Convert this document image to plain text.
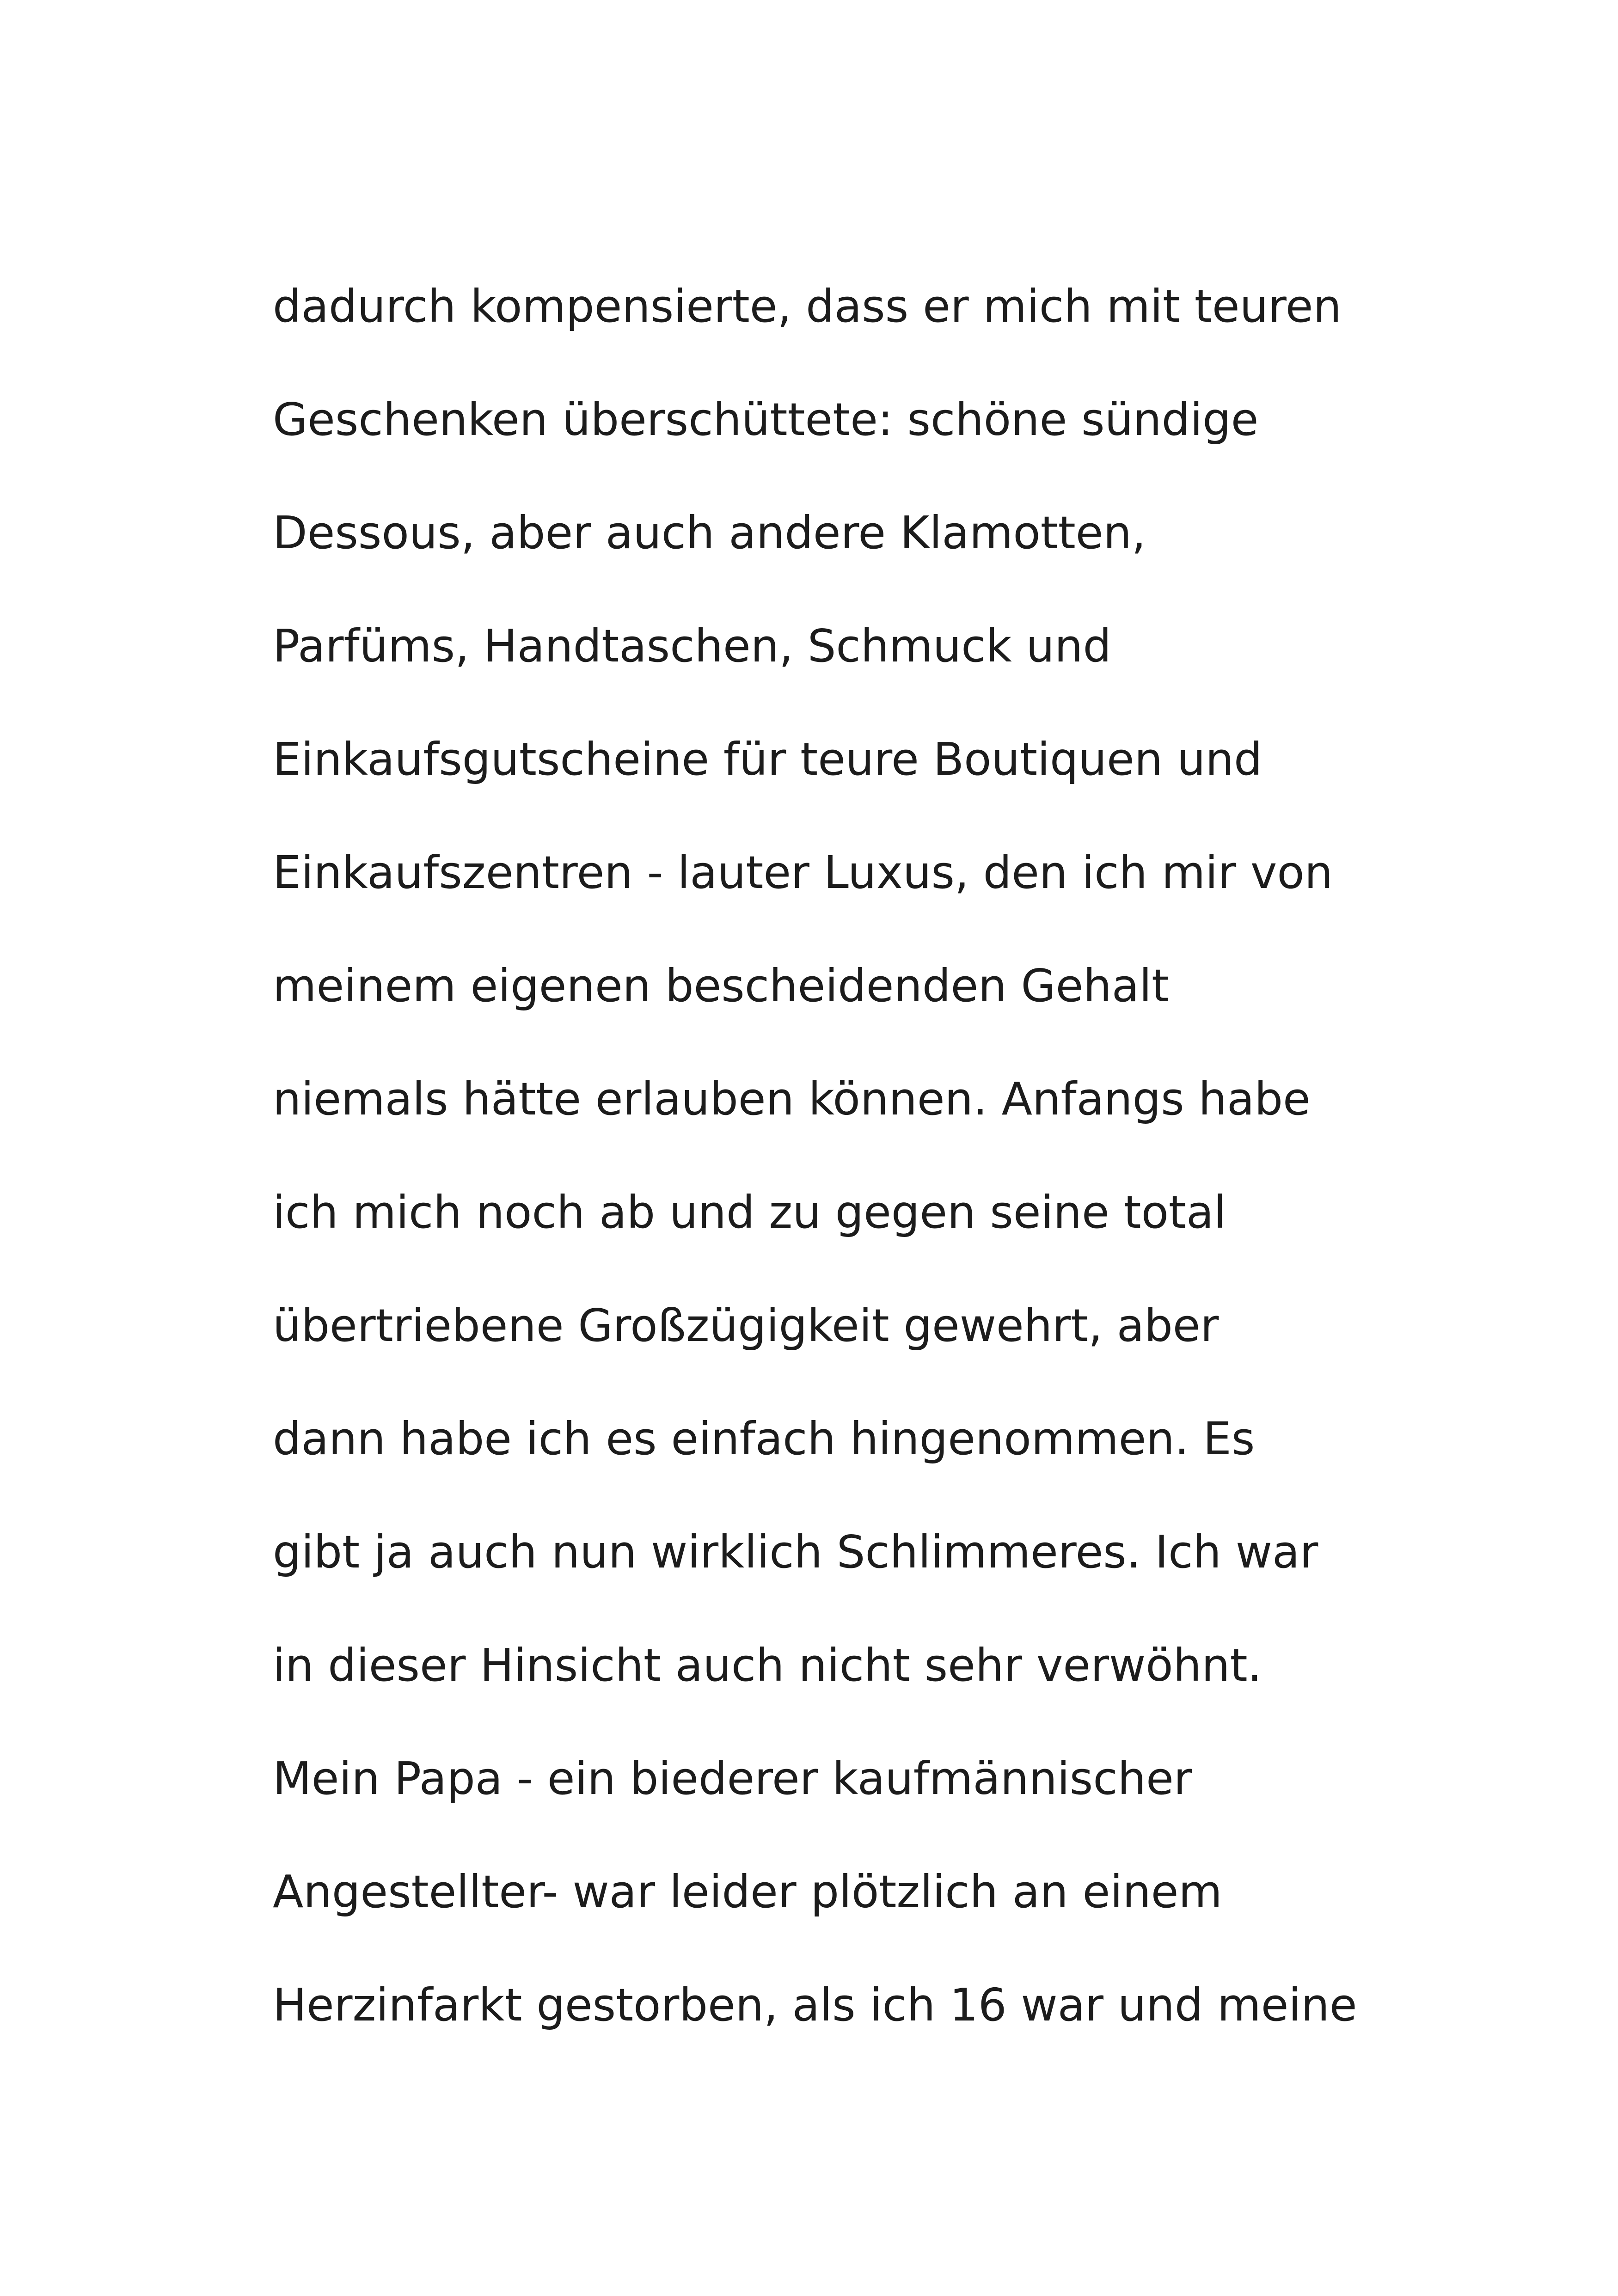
dadurch kompensierte, dass er mich mit teuren
Geschenken überschüttete: schöne sündige
Dessous, aber auch andere Klamotten,
Parfüms, Handtaschen, Schmuck und
Einkaufsgutscheine für teure Boutiquen und
Einkaufszentren - lauter Luxus, den ich mir von
meinem eigenen bescheidenden Gehalt
niemals hätte erlauben können. Anfangs habe
ich mich noch ab und zu gegen seine total
übertriebene Großzügigkeit gewehrt, aber
dann habe ich es einfach hingenommen. Es
gibt ja auch nun wirklich Schlimmeres. Ich war
in dieser Hinsicht auch nicht sehr verwöhnt.
Mein Papa - ein biederer kaufmännischer
Angestellter- war leider plötzlich an einem
Herzinfarkt gestorben, als ich 16 war und meine
